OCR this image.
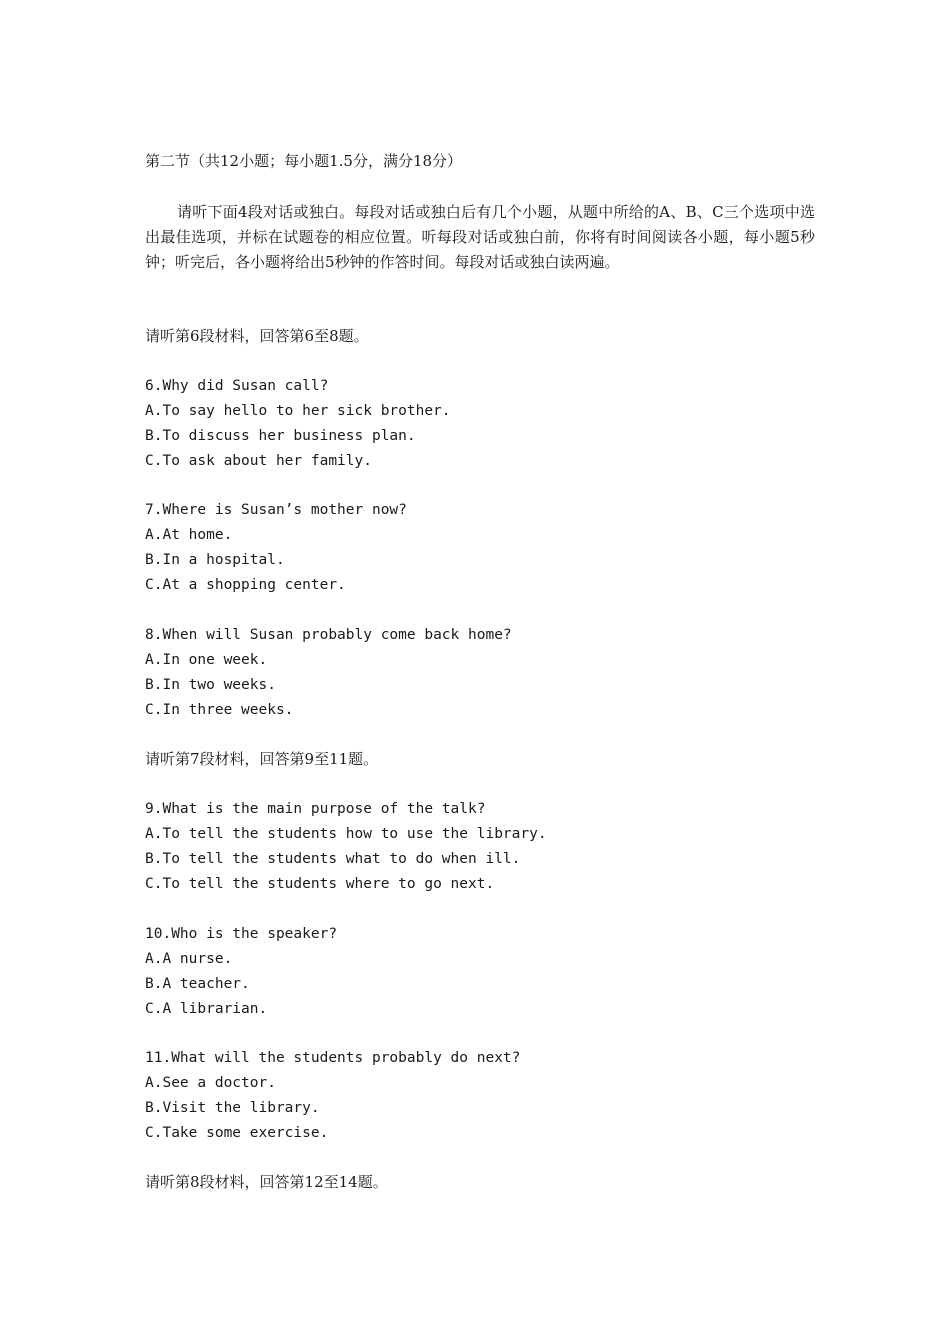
第二节（共12小题；每小题1.5分，满分18分）
请听下面4段对话或独白。每段对话或独白后有几个小题，从题中所给的A、B、C三个选项中选出最佳选项，并标在试题卷的相应位置。听每段对话或独白前，你将有时间阅读各小题，每小题5秒钟；听完后，各小题将给出5秒钟的作答时间。每段对话或独白读两遍。
请听第6段材料，回答第6至8题。
6.Why did Susan call?
A.To say hello to her sick brother.
B.To discuss her business plan.
C.To ask about her family.
7.Where is Susan’s mother now?
A.At home.
B.In a hospital.
C.At a shopping center.
8.When will Susan probably come back home?
A.In one week.
B.In two weeks.
C.In three weeks.
请听第7段材料，回答第9至11题。
9.What is the main purpose of the talk?
A.To tell the students how to use the library.
B.To tell the students what to do when ill.
C.To tell the students where to go next.
10.Who is the speaker?
A.A nurse.
B.A teacher.
C.A librarian.
11.What will the students probably do next?
A.See a doctor.
B.Visit the library.
C.Take some exercise.
请听第8段材料，回答第12至14题。
